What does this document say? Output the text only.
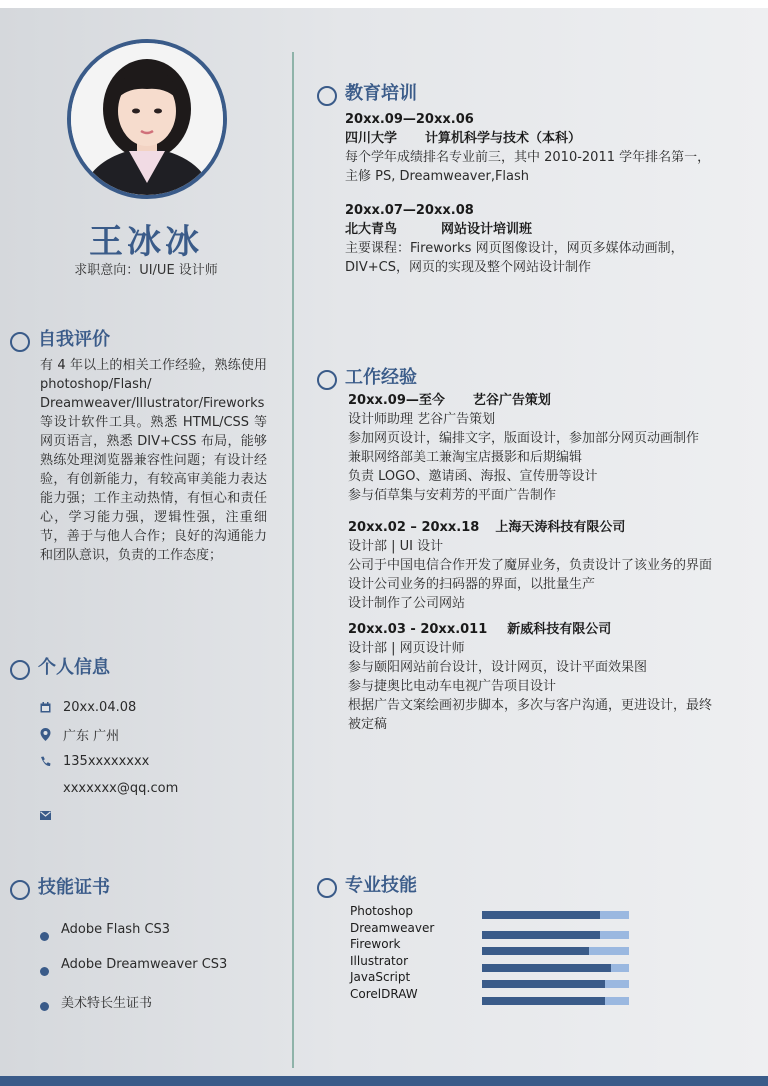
王冰冰
求职意向：UI/UE 设计师
自我评价
有 4 年以上的相关工作经验，熟练使用 photoshop/Flash/ Dreamweaver/Illustrator/Fireworks 等设计软件工具。熟悉 HTML/CSS 等网页语言，熟悉 DIV+CSS 布局，能够熟练处理浏览器兼容性问题；有设计经验，有创新能力，有较高审美能力表达能力强；工作主动热情，有恒心和责任心，学习能力强，逻辑性强，注重细节，善于与他人合作；良好的沟通能力和团队意识，负责的工作态度；
个人信息
20xx.04.08
广东 广州
135xxxxxxxx
xxxxxxx@qq.com
技能证书
Adobe Flash CS3
Adobe Dreamweaver CS3
美术特长生证书
教育培训
20xx.09—20xx.06
四川大学 计算机科学与技术（本科）
每个学年成绩排名专业前三，其中 2010-2011 学年排名第一，
主修 PS, Dreamweaver,Flash
20xx.07—20xx.08
北大青鸟	网站设计培训班
主要课程：Fireworks 网页图像设计，网页多媒体动画制，
DIV+CS，网页的实现及整个网站设计制作
工作经验
20xx.09—至今 艺谷广告策划
设计师助理 艺谷广告策划
参加网页设计，编排文字，版面设计，参加部分网页动画制作
兼职网络部美工兼淘宝店摄影和后期编辑
负责 LOGO、邀请函、海报、宣传册等设计
参与佰草集与安莉芳的平面广告制作
20xx.02 – 20xx.18 上海天涛科技有限公司
设计部 | UI 设计
公司于中国电信合作开发了魔屏业务，负责设计了该业务的界面
设计公司业务的扫码器的界面，以批量生产
设计制作了公司网站
20xx.03 - 20xx.011 新威科技有限公司
设计部 | 网页设计师
参与颐阳网站前台设计，设计网页，设计平面效果图
参与捷奥比电动车电视广告项目设计
根据广告文案绘画初步脚本，多次与客户沟通，更进设计，最终
被定稿
专业技能
Photoshop
Dreamweaver
Firework
Illustrator
JavaScript
CorelDRAW
